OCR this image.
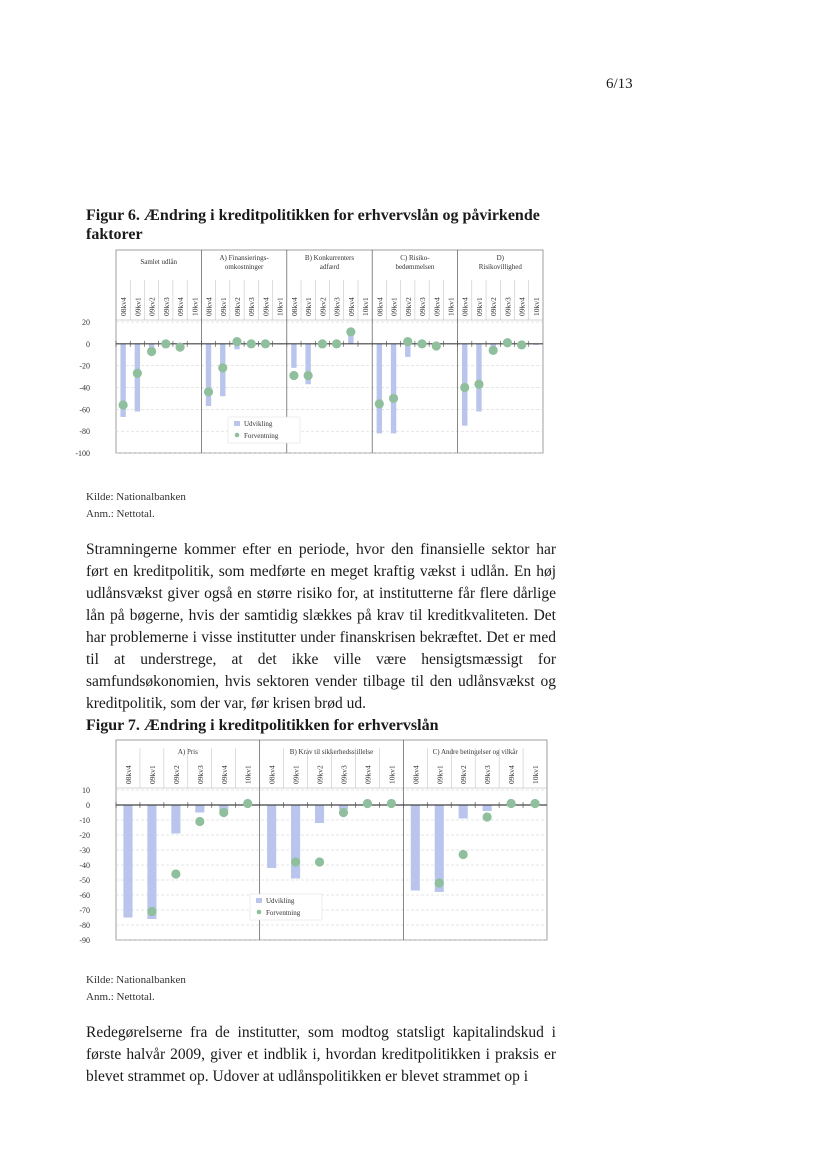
6/13
Figur 6. Ændring i kreditpolitikken for erhvervslån og påvirkende faktorer
20
0
-20
-40
-60
-80
-100
Samlet udlån
08kv4 09kv1 09kv2 09kv3 09kv4 10kv1
A) Finansierings-
omkostninger
08kv4 09kv1 09kv2 09kv3 09kv4 10kv1
B) Konkurrenters
adfærd
08kv4 09kv1 09kv2 09kv3 09kv4 10kv1
C) Risiko-
bedømmelsen
08kv4 09kv1 09kv2 09kv3 09kv4 10kv1
D)
Risikovillighed
08kv4 09kv1 09kv2 09kv3 09kv4 10kv1
Udvikling
Forventning
Kilde: Nationalbanken
Anm.: Nettotal.
Stramningerne kommer efter en periode, hvor den finansielle sektor har ført en kreditpolitik, som medførte en meget kraftig vækst i udlån. En høj udlånsvækst giver også en større risiko for, at institutterne får flere dårlige lån på bøgerne, hvis der samtidig slækkes på krav til kreditkvaliteten. Det har problemerne i visse institutter under finanskrisen bekræftet. Det er med til at understrege, at det ikke ville være hensigtsmæssigt for samfundsøkonomien, hvis sektoren vender tilbage til den udlånsvækst og kreditpolitik, som der var, før krisen brød ud.
Figur 7. Ændring i kreditpolitikken for erhvervslån
10
0
-10
-20
-30
-40
-50
-60
-70
-80
-90
A) Pris
08kv4 09kv1 09kv2 09kv3 09kv4 10kv1
B) Krav til sikkerhedsstillelse
08kv4 09kv1 09kv2 09kv3 09kv4 10kv1
C) Andre betingelser og vilkår
08kv4 09kv1 09kv2 09kv3 09kv4 10kv1
Udvikling
Forventning
Kilde: Nationalbanken
Anm.: Nettotal.
Redegørelserne fra de institutter, som modtog statsligt kapitalindskud i første halvår 2009, giver et indblik i, hvordan kreditpolitikken i praksis er blevet strammet op. Udover at udlånspolitikken er blevet strammet op i
